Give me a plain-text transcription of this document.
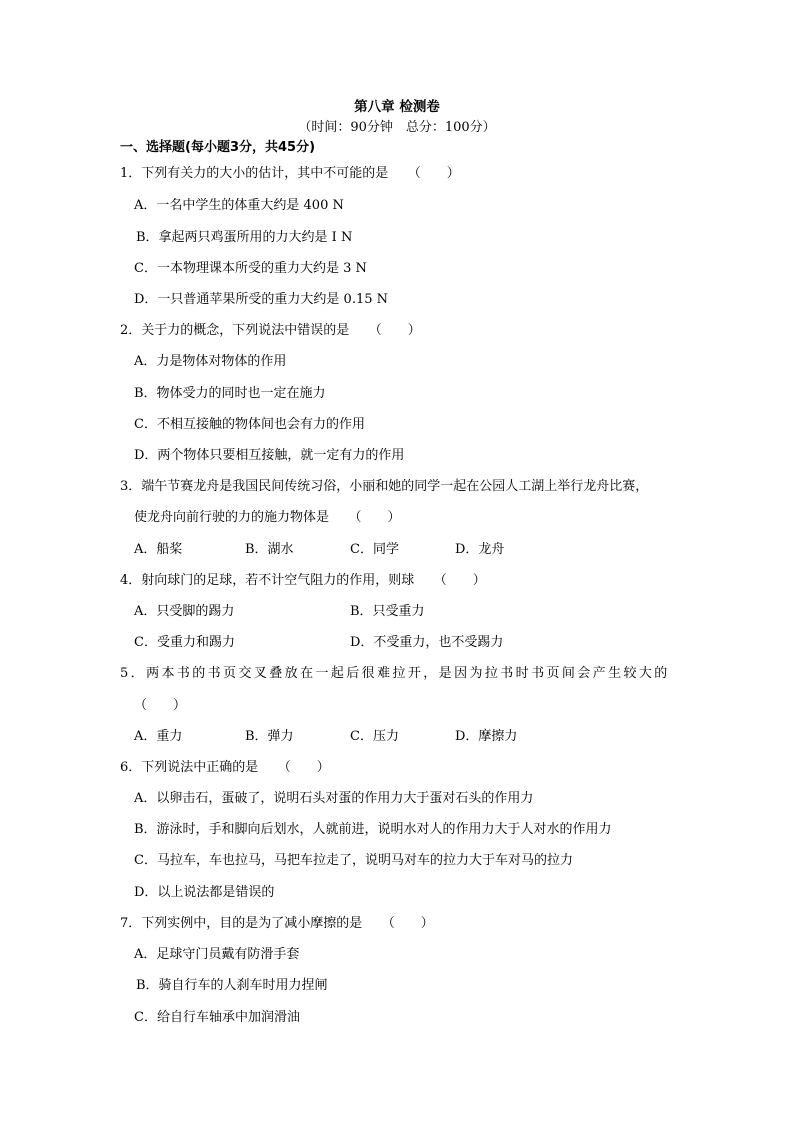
第八章 检测卷
（时间：90分钟　总分：100分）
一、选择题(每小题3分，共45分)
1．下列有关力的大小的估计，其中不可能的是　　（　　）
A．一名中学生的体重大约是 400 N
B．拿起两只鸡蛋所用的力大约是 I N
C．一本物理课本所受的重力大约是 3 N
D．一只普通苹果所受的重力大约是 0.15 N
2．关于力的概念，下列说法中错误的是　　（　　）
A．力是物体对物体的作用
B．物体受力的同时也一定在施力
C．不相互接触的物体间也会有力的作用
D．两个物体只要相互接触，就一定有力的作用
3．端午节赛龙舟是我国民间传统习俗，小丽和她的同学一起在公园人工湖上举行龙舟比赛，
使龙舟向前行驶的力的施力物体是　　（　　）
A．船桨	B．湖水	C．同学	D．龙舟
4．射向球门的足球，若不计空气阻力的作用，则球　　（　　）
A．只受脚的踢力	B．只受重力
C．受重力和踢力	D．不受重力，也不受踢力
5．两本书的书页交叉叠放在一起后很难拉开，是因为拉书时书页间会产生较大的
（　　）
A．重力	B．弹力	C．压力	D．摩擦力
6．下列说法中正确的是　　（　　）
A．以卵击石，蛋破了，说明石头对蛋的作用力大于蛋对石头的作用力
B．游泳时，手和脚向后划水，人就前进，说明水对人的作用力大于人对水的作用力
C．马拉车，车也拉马，马把车拉走了，说明马对车的拉力大于车对马的拉力
D．以上说法都是错误的
7．下列实例中，目的是为了减小摩擦的是　　（　　）
A．足球守门员戴有防滑手套
B．骑自行车的人刹车时用力捏闸
C．给自行车轴承中加润滑油
